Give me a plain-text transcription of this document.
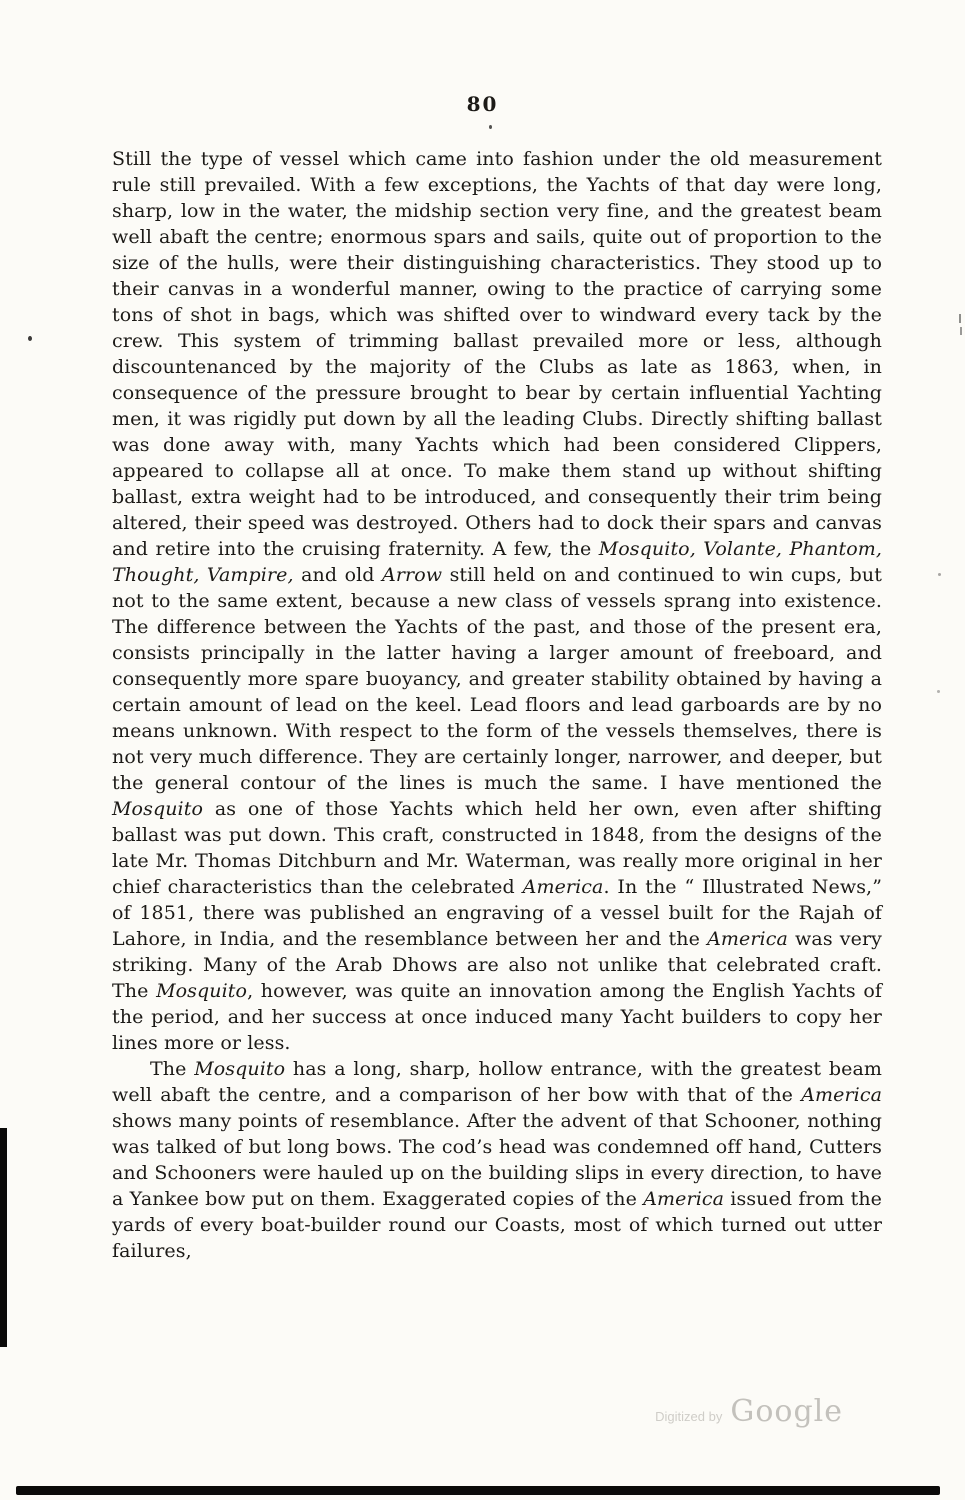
80

Still the type of vessel which came into fashion under the old measurement rule still prevailed. With a few exceptions, the Yachts of that day were long, sharp, low in the water, the midship section very fine, and the greatest beam well abaft the centre; enormous spars and sails, quite out of proportion to the size of the hulls, were their distinguishing characteristics. They stood up to their canvas in a wonderful manner, owing to the practice of carrying some tons of shot in bags, which was shifted over to windward every tack by the crew. This system of trimming ballast prevailed more or less, although discountenanced by the majority of the Clubs as late as 1863, when, in consequence of the pressure brought to bear by certain influential Yachting men, it was rigidly put down by all the leading Clubs. Directly shifting ballast was done away with, many Yachts which had been considered Clippers, appeared to collapse all at once. To make them stand up without shifting ballast, extra weight had to be introduced, and consequently their trim being altered, their speed was destroyed. Others had to dock their spars and canvas and retire into the cruising fraternity. A few, the Mosquito, Volante, Phantom, Thought, Vampire, and old Arrow still held on and continued to win cups, but not to the same extent, because a new class of vessels sprang into existence. The difference between the Yachts of the past, and those of the present era, consists principally in the latter having a larger amount of freeboard, and consequently more spare buoyancy, and greater stability obtained by having a certain amount of lead on the keel. Lead floors and lead garboards are by no means unknown. With respect to the form of the vessels themselves, there is not very much difference. They are certainly longer, narrower, and deeper, but the general contour of the lines is much the same. I have mentioned the Mosquito as one of those Yachts which held her own, even after shifting ballast was put down. This craft, constructed in 1848, from the designs of the late Mr. Thomas Ditchburn and Mr. Waterman, was really more original in her chief characteristics than the celebrated America. In the “ Illustrated News,” of 1851, there was published an engraving of a vessel built for the Rajah of Lahore, in India, and the resemblance between her and the America was very striking. Many of the Arab Dhows are also not unlike that celebrated craft. The Mosquito, however, was quite an innovation among the English Yachts of the period, and her success at once induced many Yacht builders to copy her lines more or less.

The Mosquito has a long, sharp, hollow entrance, with the greatest beam well abaft the centre, and a comparison of her bow with that of the America shows many points of resemblance. After the advent of that Schooner, nothing was talked of but long bows. The cod’s head was condemned off hand, Cutters and Schooners were hauled up on the building slips in every direction, to have a Yankee bow put on them. Exaggerated copies of the America issued from the yards of every boat-builder round our Coasts, most of which turned out utter failures,

Digitized by Google
